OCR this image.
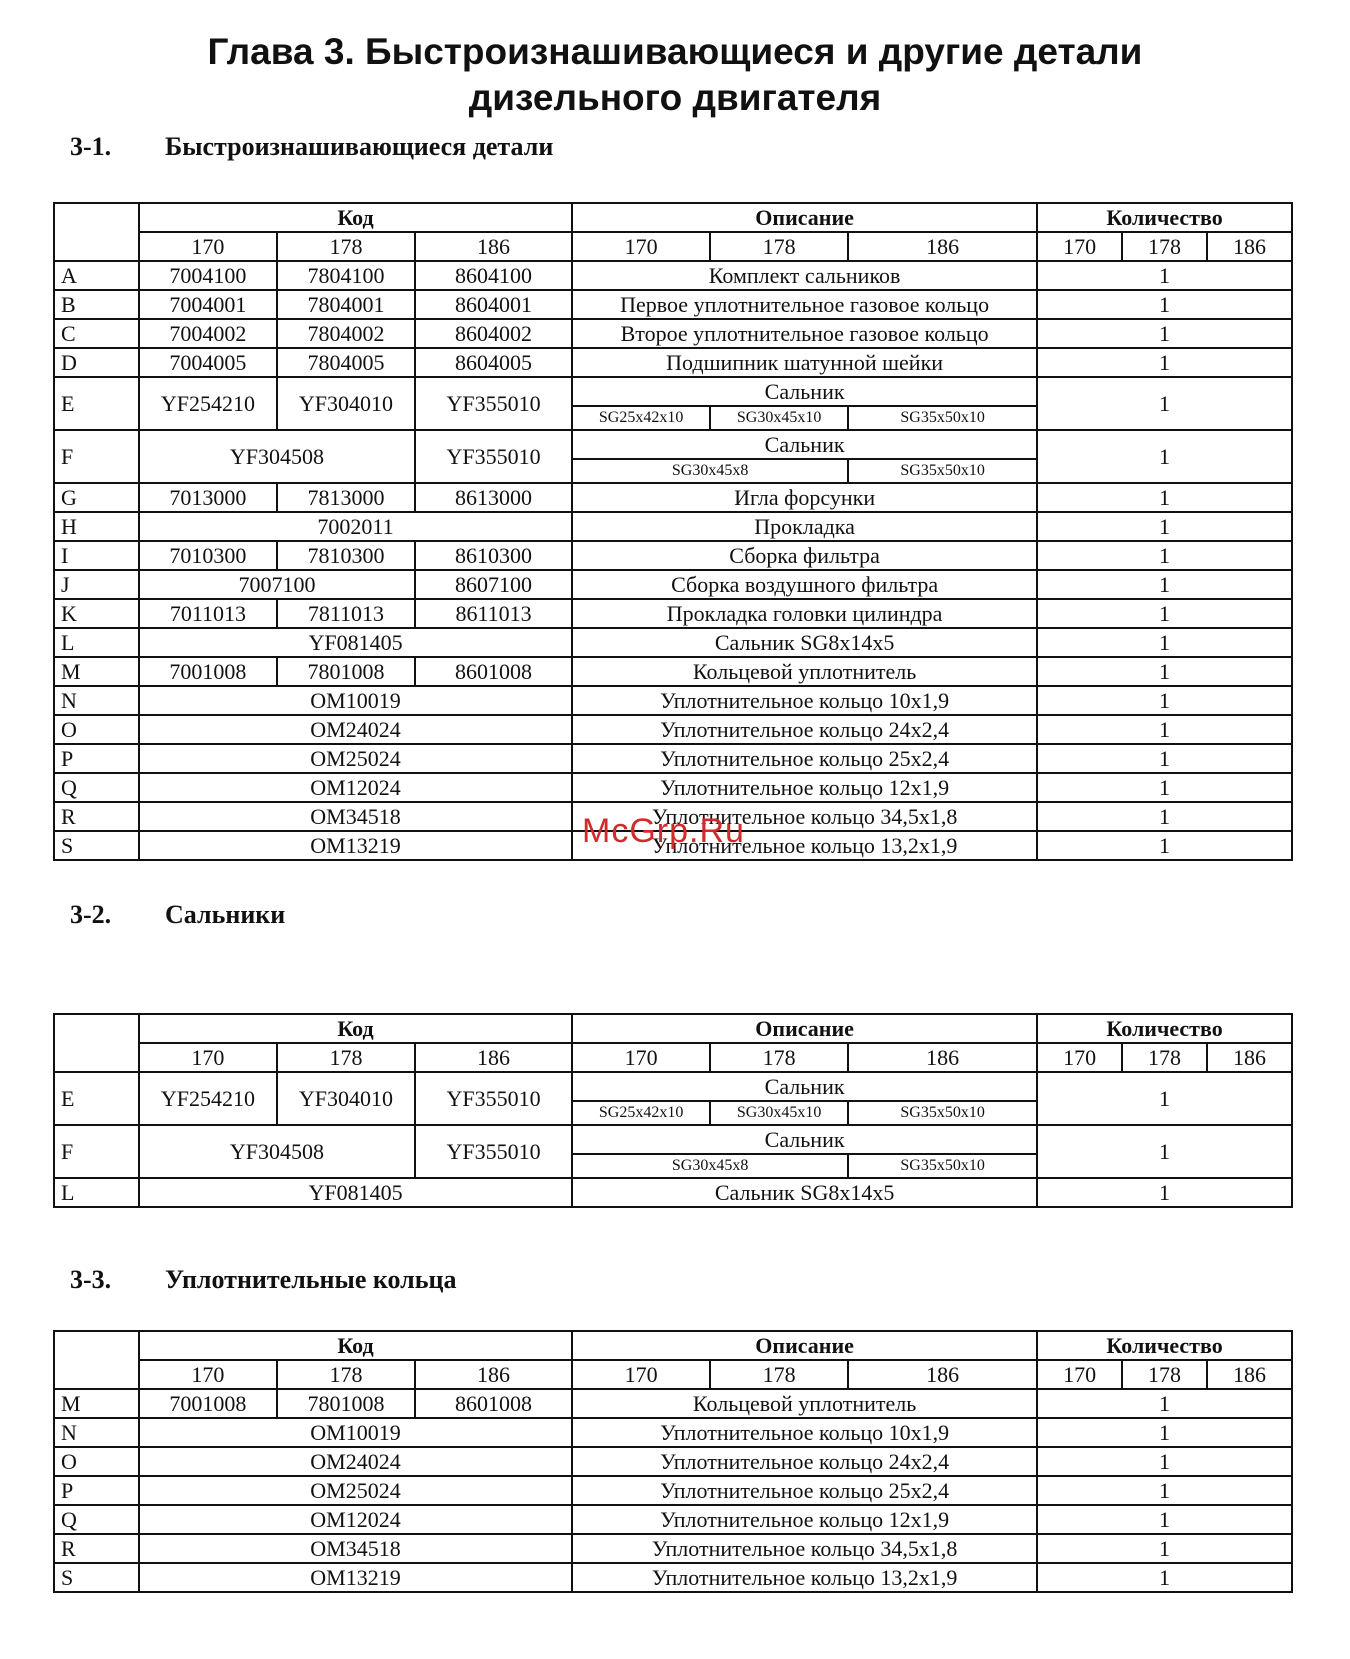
Глава 3. Быстроизнашивающиеся и другие детали
дизельного двигателя
3-1. Быстроизнашивающиеся детали
	Код			Описание			Количество		
	170	178	186	170	178	186	170	178	186
A	7004100	7804100	8604100	Комплект сальников			1		
B	7004001	7804001	8604001	Первое уплотнительное газовое кольцо			1		
C	7004002	7804002	8604002	Второе уплотнительное газовое кольцо			1		
D	7004005	7804005	8604005	Подшипник шатунной шейки			1		
E	YF254210	YF304010	YF355010	Сальник			1		
				SG25x42x10	SG30x45x10	SG35x50x10			
F	YF304508		YF355010	Сальник			1		
				SG30x45x8		SG35x50x10			
G	7013000	7813000	8613000	Игла форсунки			1		
H	7002011			Прокладка			1		
I	7010300	7810300	8610300	Сборка фильтра			1		
J	7007100		8607100	Сборка воздушного фильтра			1		
K	7011013	7811013	8611013	Прокладка головки цилиндра			1		
L	YF081405			Сальник SG8x14x5			1		
M	7001008	7801008	8601008	Кольцевой уплотнитель			1		
N	OM10019			Уплотнительное кольцо 10x1,9			1		
O	OM24024			Уплотнительное кольцо 24x2,4			1		
P	OM25024			Уплотнительное кольцо 25x2,4			1		
Q	OM12024			Уплотнительное кольцо 12x1,9			1		
R	OM34518			Уплотнительное кольцо 34,5x1,8			1		
S	OM13219			Уплотнительное кольцо 13,2x1,9			1		
3-2. Сальники
	Код			Описание			Количество		
	170	178	186	170	178	186	170	178	186
E	YF254210	YF304010	YF355010	Сальник			1		
				SG25x42x10	SG30x45x10	SG35x50x10			
F	YF304508		YF355010	Сальник			1		
				SG30x45x8		SG35x50x10			
L	YF081405			Сальник SG8x14x5			1		
3-3. Уплотнительные кольца
	Код			Описание			Количество		
	170	178	186	170	178	186	170	178	186
M	7001008	7801008	8601008	Кольцевой уплотнитель			1		
N	OM10019			Уплотнительное кольцо 10x1,9			1		
O	OM24024			Уплотнительное кольцо 24x2,4			1		
P	OM25024			Уплотнительное кольцо 25x2,4			1		
Q	OM12024			Уплотнительное кольцо 12x1,9			1		
R	OM34518			Уплотнительное кольцо 34,5x1,8			1		
S	OM13219			Уплотнительное кольцо 13,2x1,9			1		
McGrp.Ru
